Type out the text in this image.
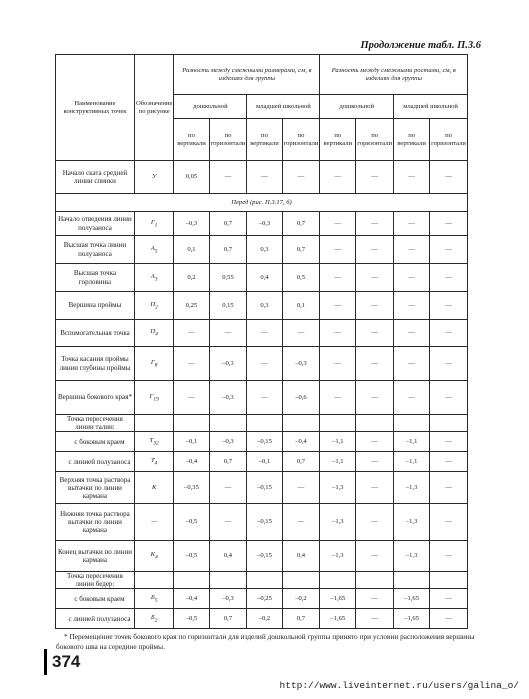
Продолжение табл. П.3.6
Наименование конструктивных точек	Обозначение по рисунке	Разность между смежными размерами, см, в изделиях для группы				Разность между смежными ростами, см, в изделиях для группы			
		дошкольной		младшей школьной		дошкольной		младшей школьной	
		по вертикали	по горизонтали	по вертикали	по горизонтали	по вертикали	по горизонтали	по вертикали	по горизонтали
Начало ската средней линии спинки	У	0,05	—	—	—	—	—	—	—
Перед (рис. П.3.17, б)									
Начало отведения линии полузаноса	$Г_1$	–0,3	0,7	–0,3	0,7	—	—	—	—
Высшая точка линии полузаноса	$А_5$	0,1	0,7	0,3	0,7	—	—	—	—
Высшая точка горловины	$А_3$	0,2	0,55	0,4	0,5	—	—	—	—
Вершина проймы	$П_2$	0,25	0,15	0,3	0,1	—	—	—	—
Вспомогательная точка	$П_4$	—	—	—	—	—	—	—	—
Точка касания проймы линии глубины проймы	$Г_8$	—	–0,3	—	–0,3	—	—	—	—
Вершина бокового края*	$Г_{19}$	—	–0,3	—	–0,6	—	—	—	—
Точка пересечения линии талии:									
с боковым краем	$Т_{32}$	–0,1	–0,3	–0,15	–0,4	–1,1	—	–1,1	—
с линией полузаноса	$Т_4$	–0,4	0,7	–0,1	0,7	–1,1	—	–1,1	—
Верхняя точка раствора вытачки по линии кармана	К	–0,35	—	–0,15	—	–1,3	—	–1,3	—
Нижняя точка раствора вытачки по линии кармана	—	–0,5	—	–0,15	—	–1,3	—	–1,3	—
Конец вытачки по линии кармана	$К_4$	–0,5	0,4	–0,15	0,4	–1,3	—	–1,3	—
Точка пересечения линии бедер:									
с боковым краем	$Б_5$	–0,4	–0,3	–0,25	–0,2	–1,65	—	–1,65	—
с линией полузаноса	$Б_2$	–0,5	0,7	–0,2	0,7	–1,65	—	–1,65	—
* Перемещение точек бокового края по горизонтали для изделий дошкольной группы принято при условии расположения вершины бокового шва на середине проймы.
374
http://www.liveinternet.ru/users/galina_o/
